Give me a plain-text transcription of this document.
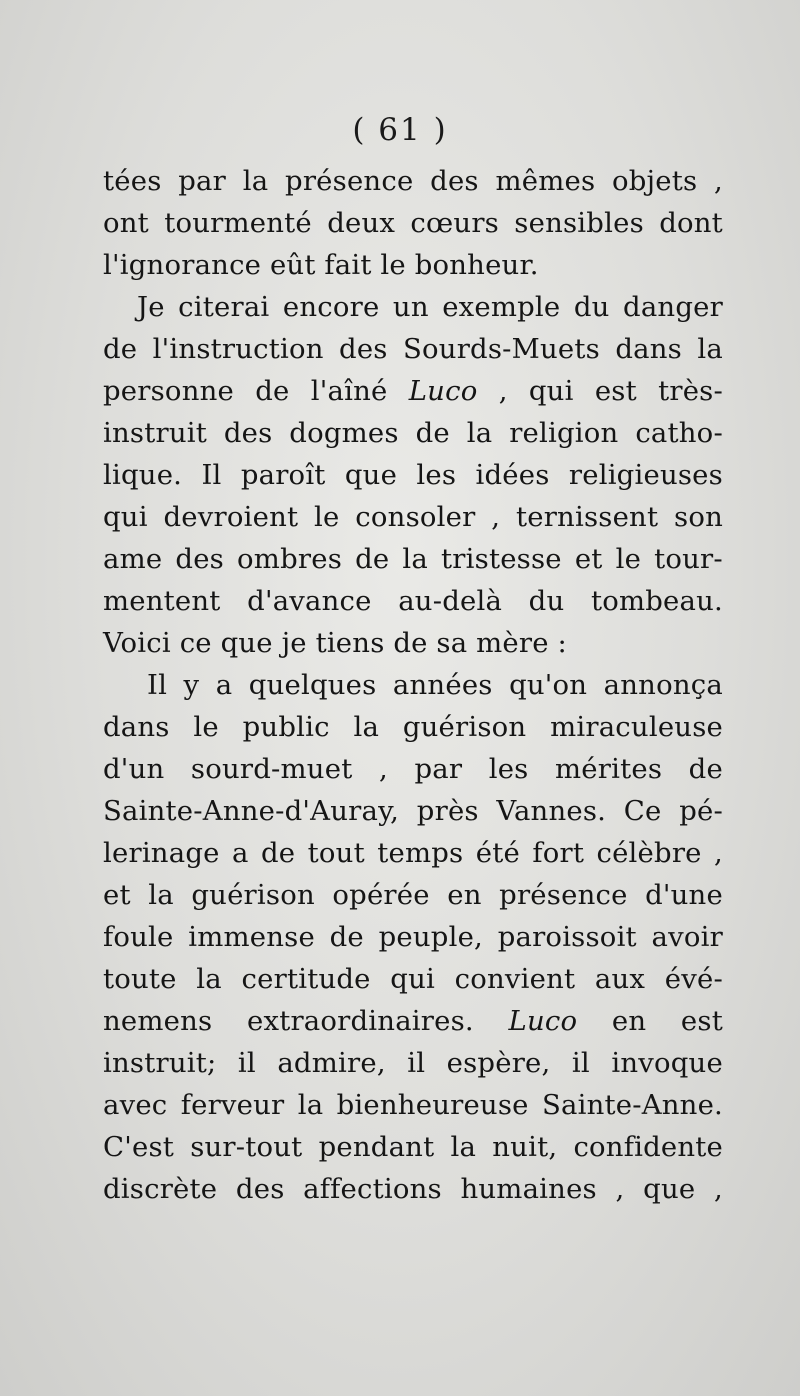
( 61 )
tées par la présence des mêmes objets ,
ont tourmenté deux cœurs sensibles dont
l'ignorance eût fait le bonheur.
Je citerai encore un exemple du danger
de l'instruction des Sourds-Muets dans la
personne de l'aîné Luco , qui est très-
instruit des dogmes de la religion catho-
lique. Il paroît que les idées religieuses
qui devroient le consoler , ternissent son
ame des ombres de la tristesse et le tour-
mentent d'avance au-delà du tombeau.
Voici ce que je tiens de sa mère :
Il y a quelques années qu'on annonça
dans le public la guérison miraculeuse
d'un sourd-muet , par les mérites de
Sainte-Anne-d'Auray, près Vannes. Ce pé-
lerinage a de tout temps été fort célèbre ,
et la guérison opérée en présence d'une
foule immense de peuple, paroissoit avoir
toute la certitude qui convient aux évé-
nemens extraordinaires. Luco en est
instruit; il admire, il espère, il invoque
avec ferveur la bienheureuse Sainte-Anne.
C'est sur-tout pendant la nuit, confidente
discrète des affections humaines , que ,
